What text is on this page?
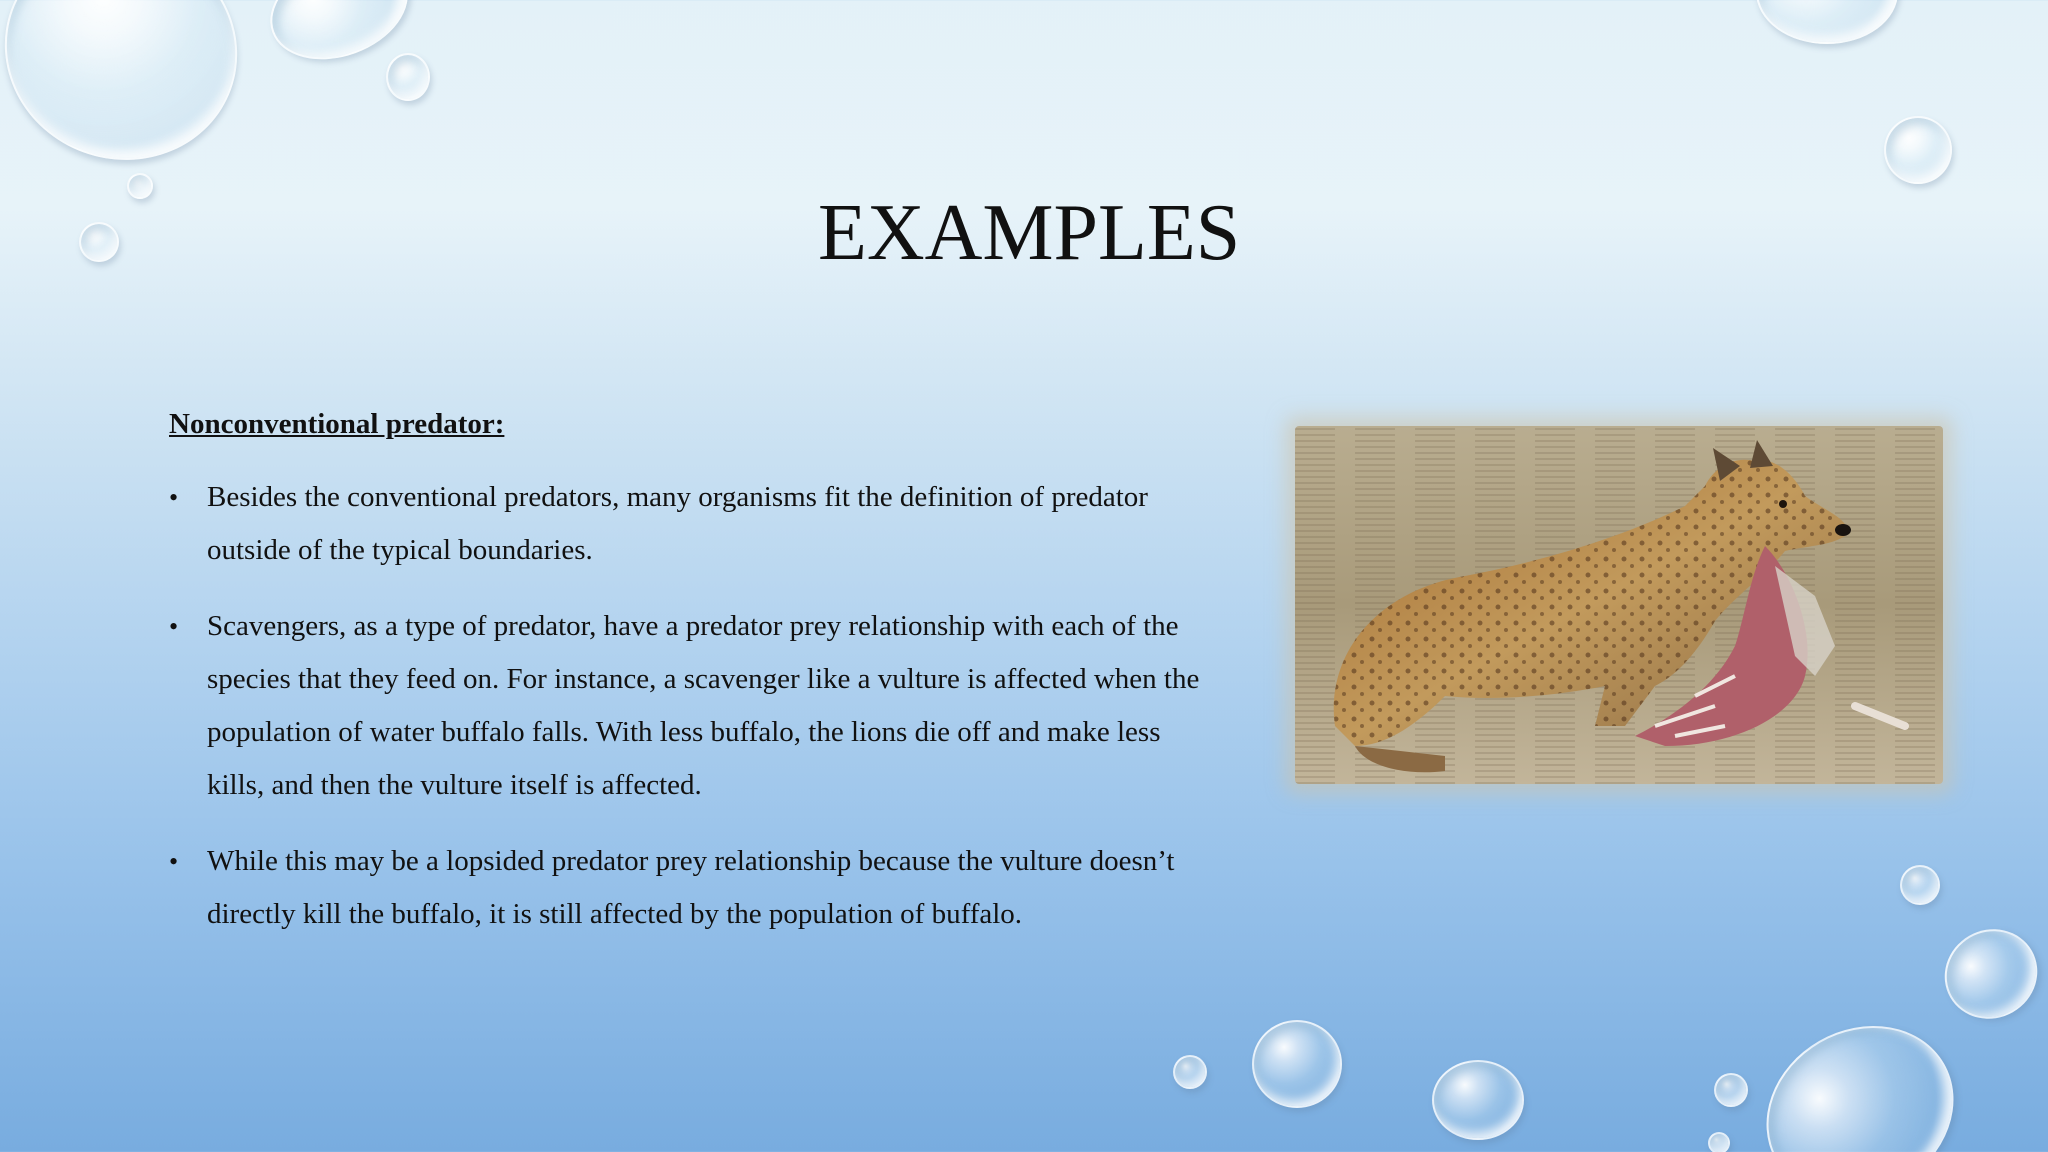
EXAMPLES
Nonconventional predator:
• Besides the conventional predators, many organisms fit the definition of predator outside of the typical boundaries.
• Scavengers, as a type of predator, have a predator prey relationship with each of the species that they feed on. For instance, a scavenger like a vulture is affected when the population of water buffalo falls. With less buffalo, the lions die off and make less kills, and then the vulture itself is affected.
• While this may be a lopsided predator prey relationship because the vulture doesn’t directly kill the buffalo, it is still affected by the population of buffalo.
